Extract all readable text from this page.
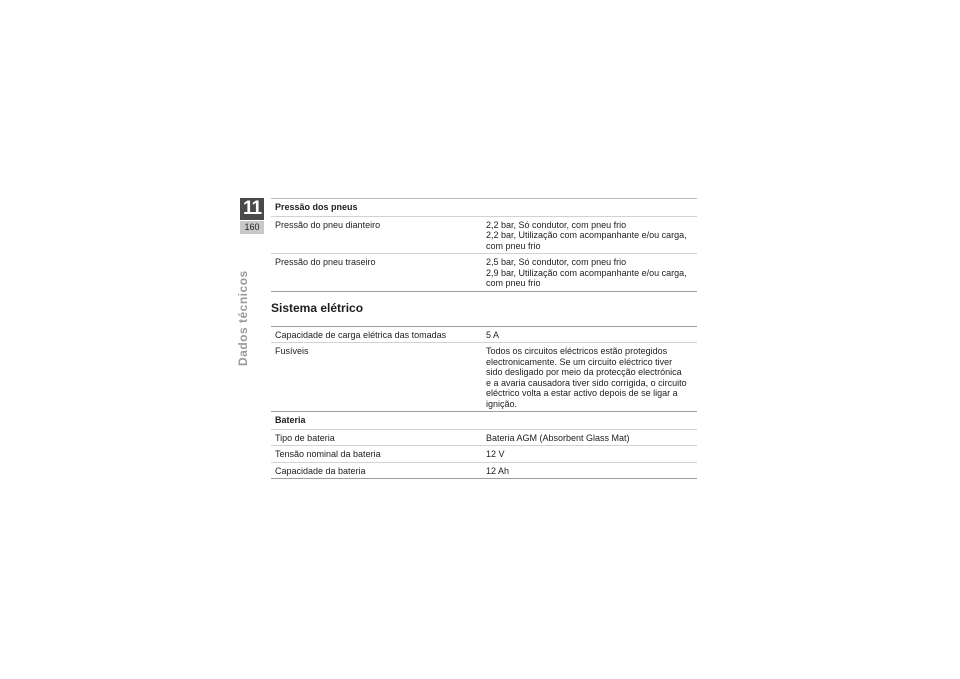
11
160
Dados técnicos
Pressão dos pneus
Pressão do pneu dianteiro	2,2 bar, Só condutor, com pneu frio
2,2 bar, Utilização com acompanhante e/ou carga,
com pneu frio
Pressão do pneu traseiro	2,5 bar, Só condutor, com pneu frio
2,9 bar, Utilização com acompanhante e/ou carga,
com pneu frio
Sistema elétrico
Capacidade de carga elétrica das tomadas	5 A
Fusíveis	Todos os circuitos eléctricos estão protegidos
electronicamente. Se um circuito eléctrico tiver
sido desligado por meio da protecção electrónica
e a avaria causadora tiver sido corrigida, o circuito
eléctrico volta a estar activo depois de se ligar a
ignição.
Bateria
Tipo de bateria	Bateria AGM (Absorbent Glass Mat)
Tensão nominal da bateria	12 V
Capacidade da bateria	12 Ah
